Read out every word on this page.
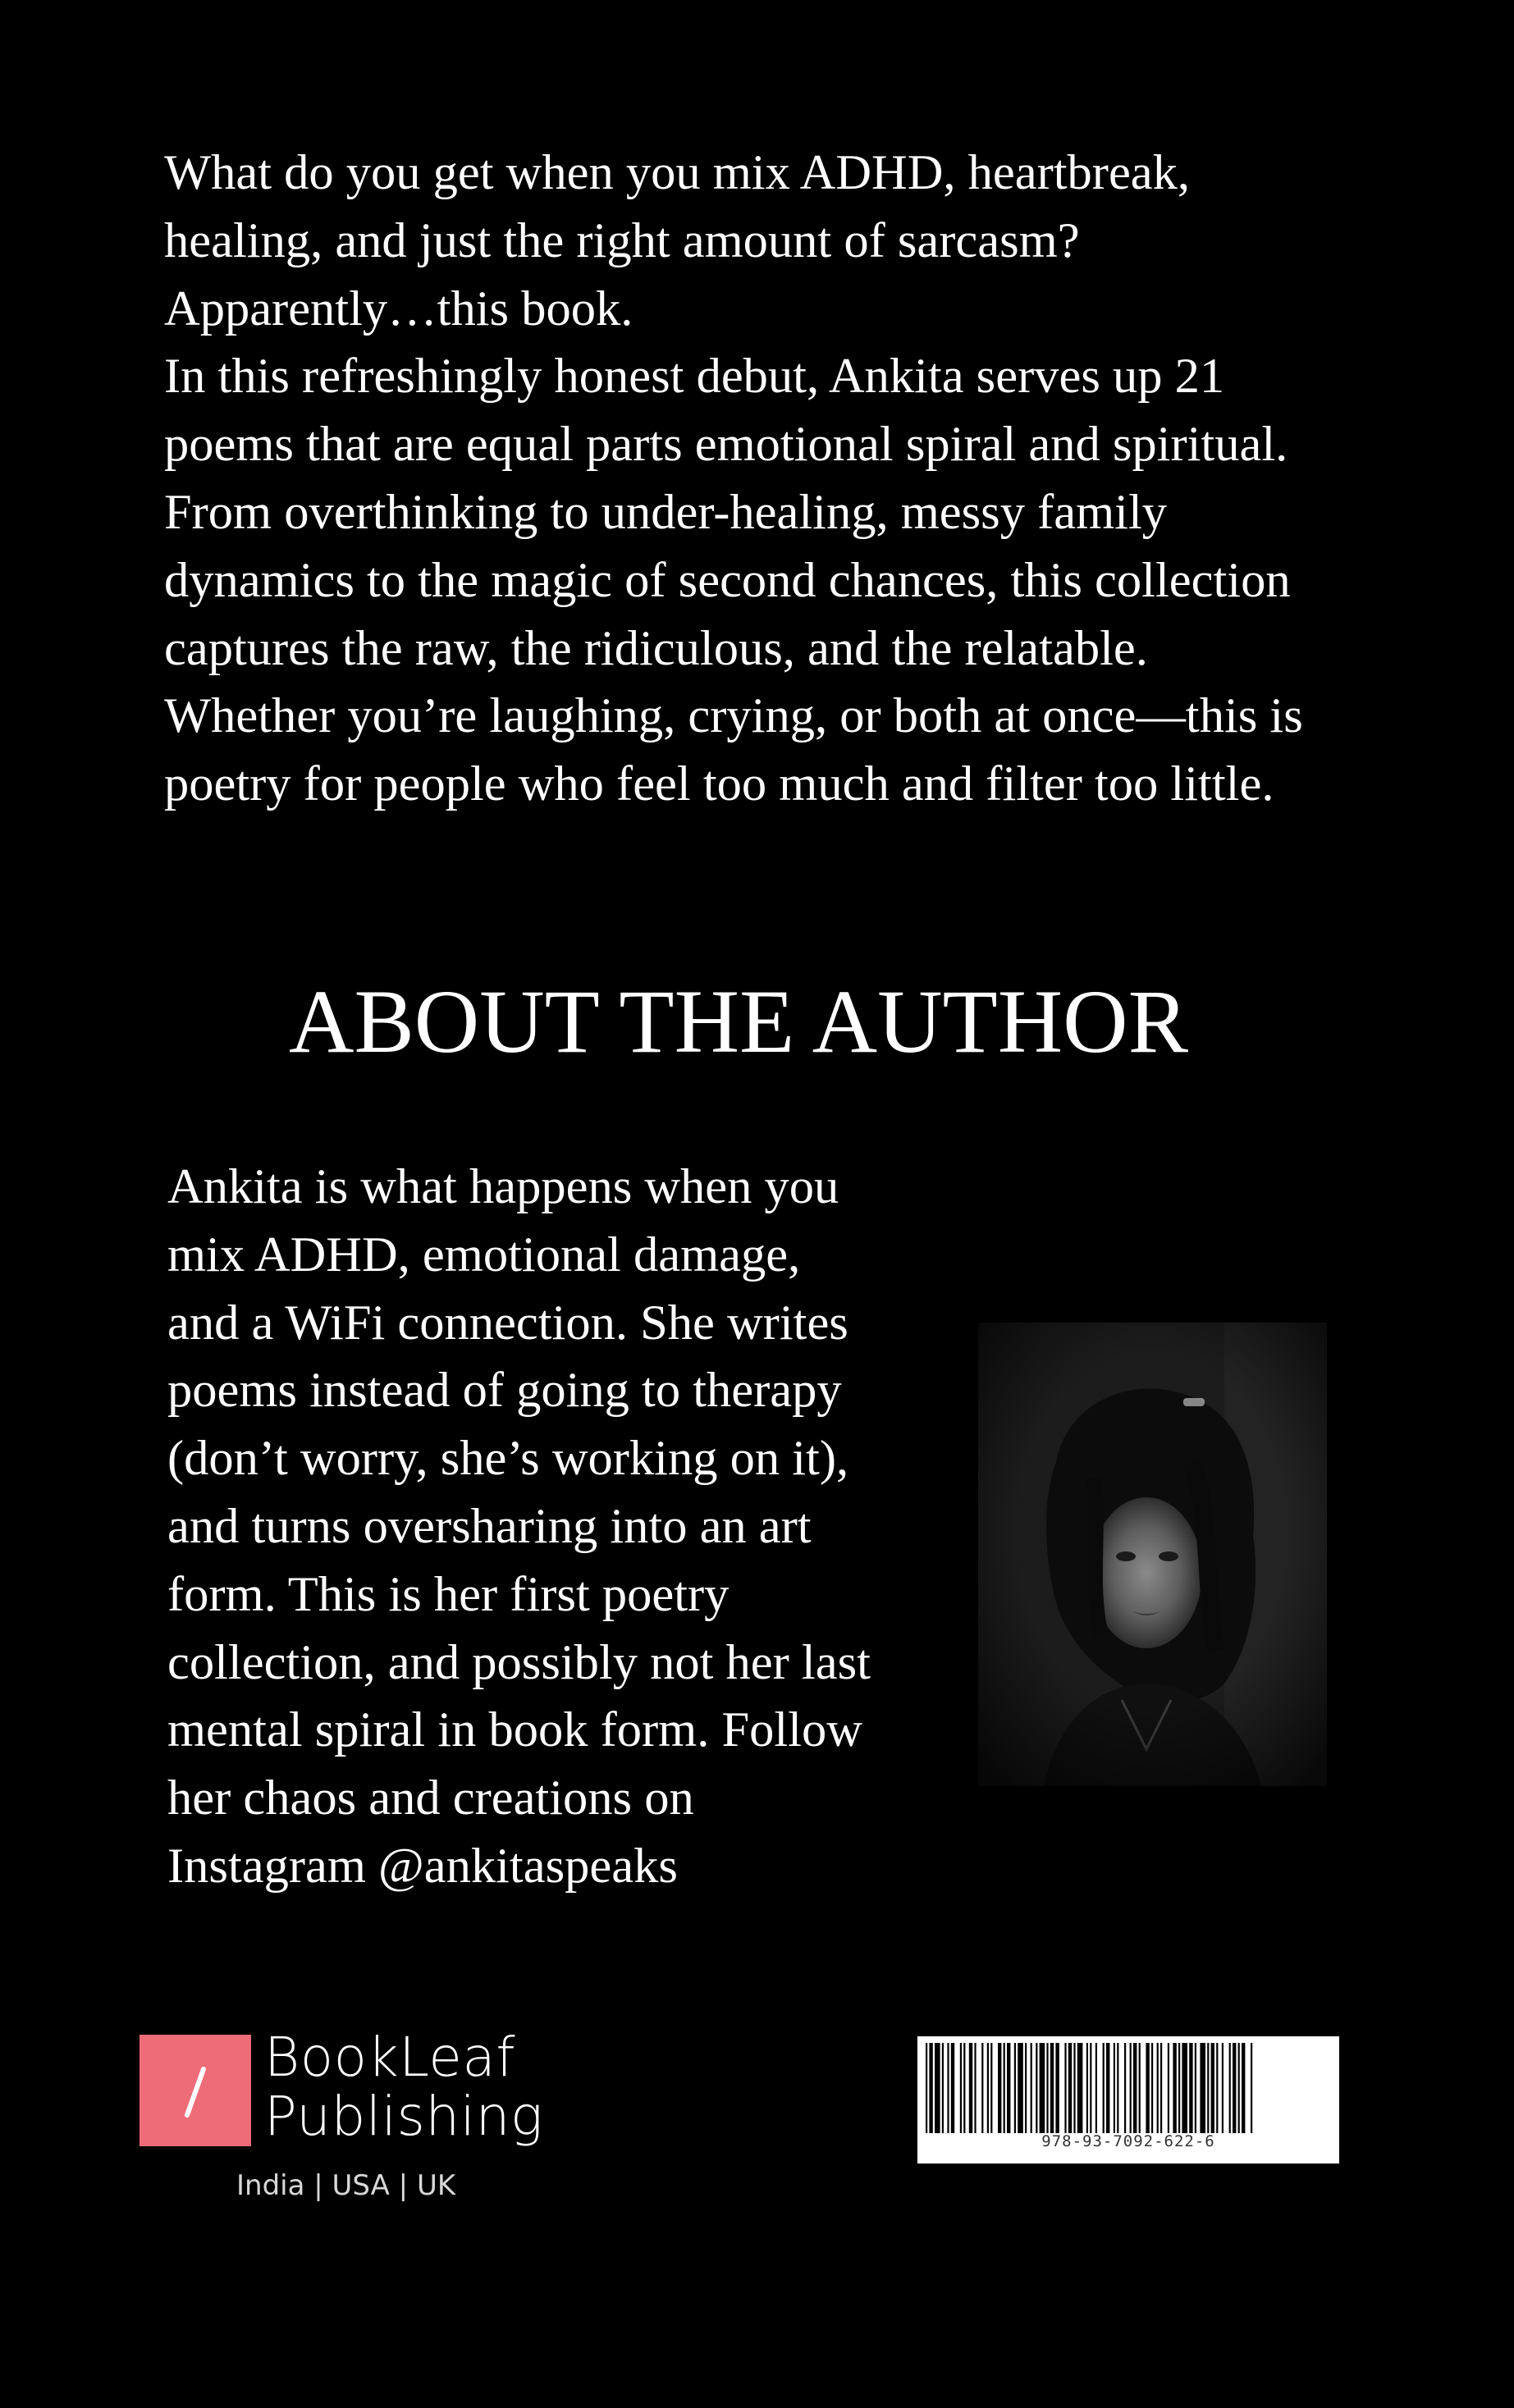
What do you get when you mix ADHD, heartbreak,
healing, and just the right amount of sarcasm?
Apparently…this book.
In this refreshingly honest debut, Ankita serves up 21
poems that are equal parts emotional spiral and spiritual.
From overthinking to under-healing, messy family
dynamics to the magic of second chances, this collection
captures the raw, the ridiculous, and the relatable.
Whether you’re laughing, crying, or both at once—this is
poetry for people who feel too much and filter too little.
ABOUT THE AUTHOR
Ankita is what happens when you
mix ADHD, emotional damage,
and a WiFi connection. She writes
poems instead of going to therapy
(don’t worry, she’s working on it),
and turns oversharing into an art
form. This is her first poetry
collection, and possibly not her last
mental spiral in book form. Follow
her chaos and creations on
Instagram @ankitaspeaks
BookLeaf
Publishing
India | USA | UK
978-93-7092-622-6
